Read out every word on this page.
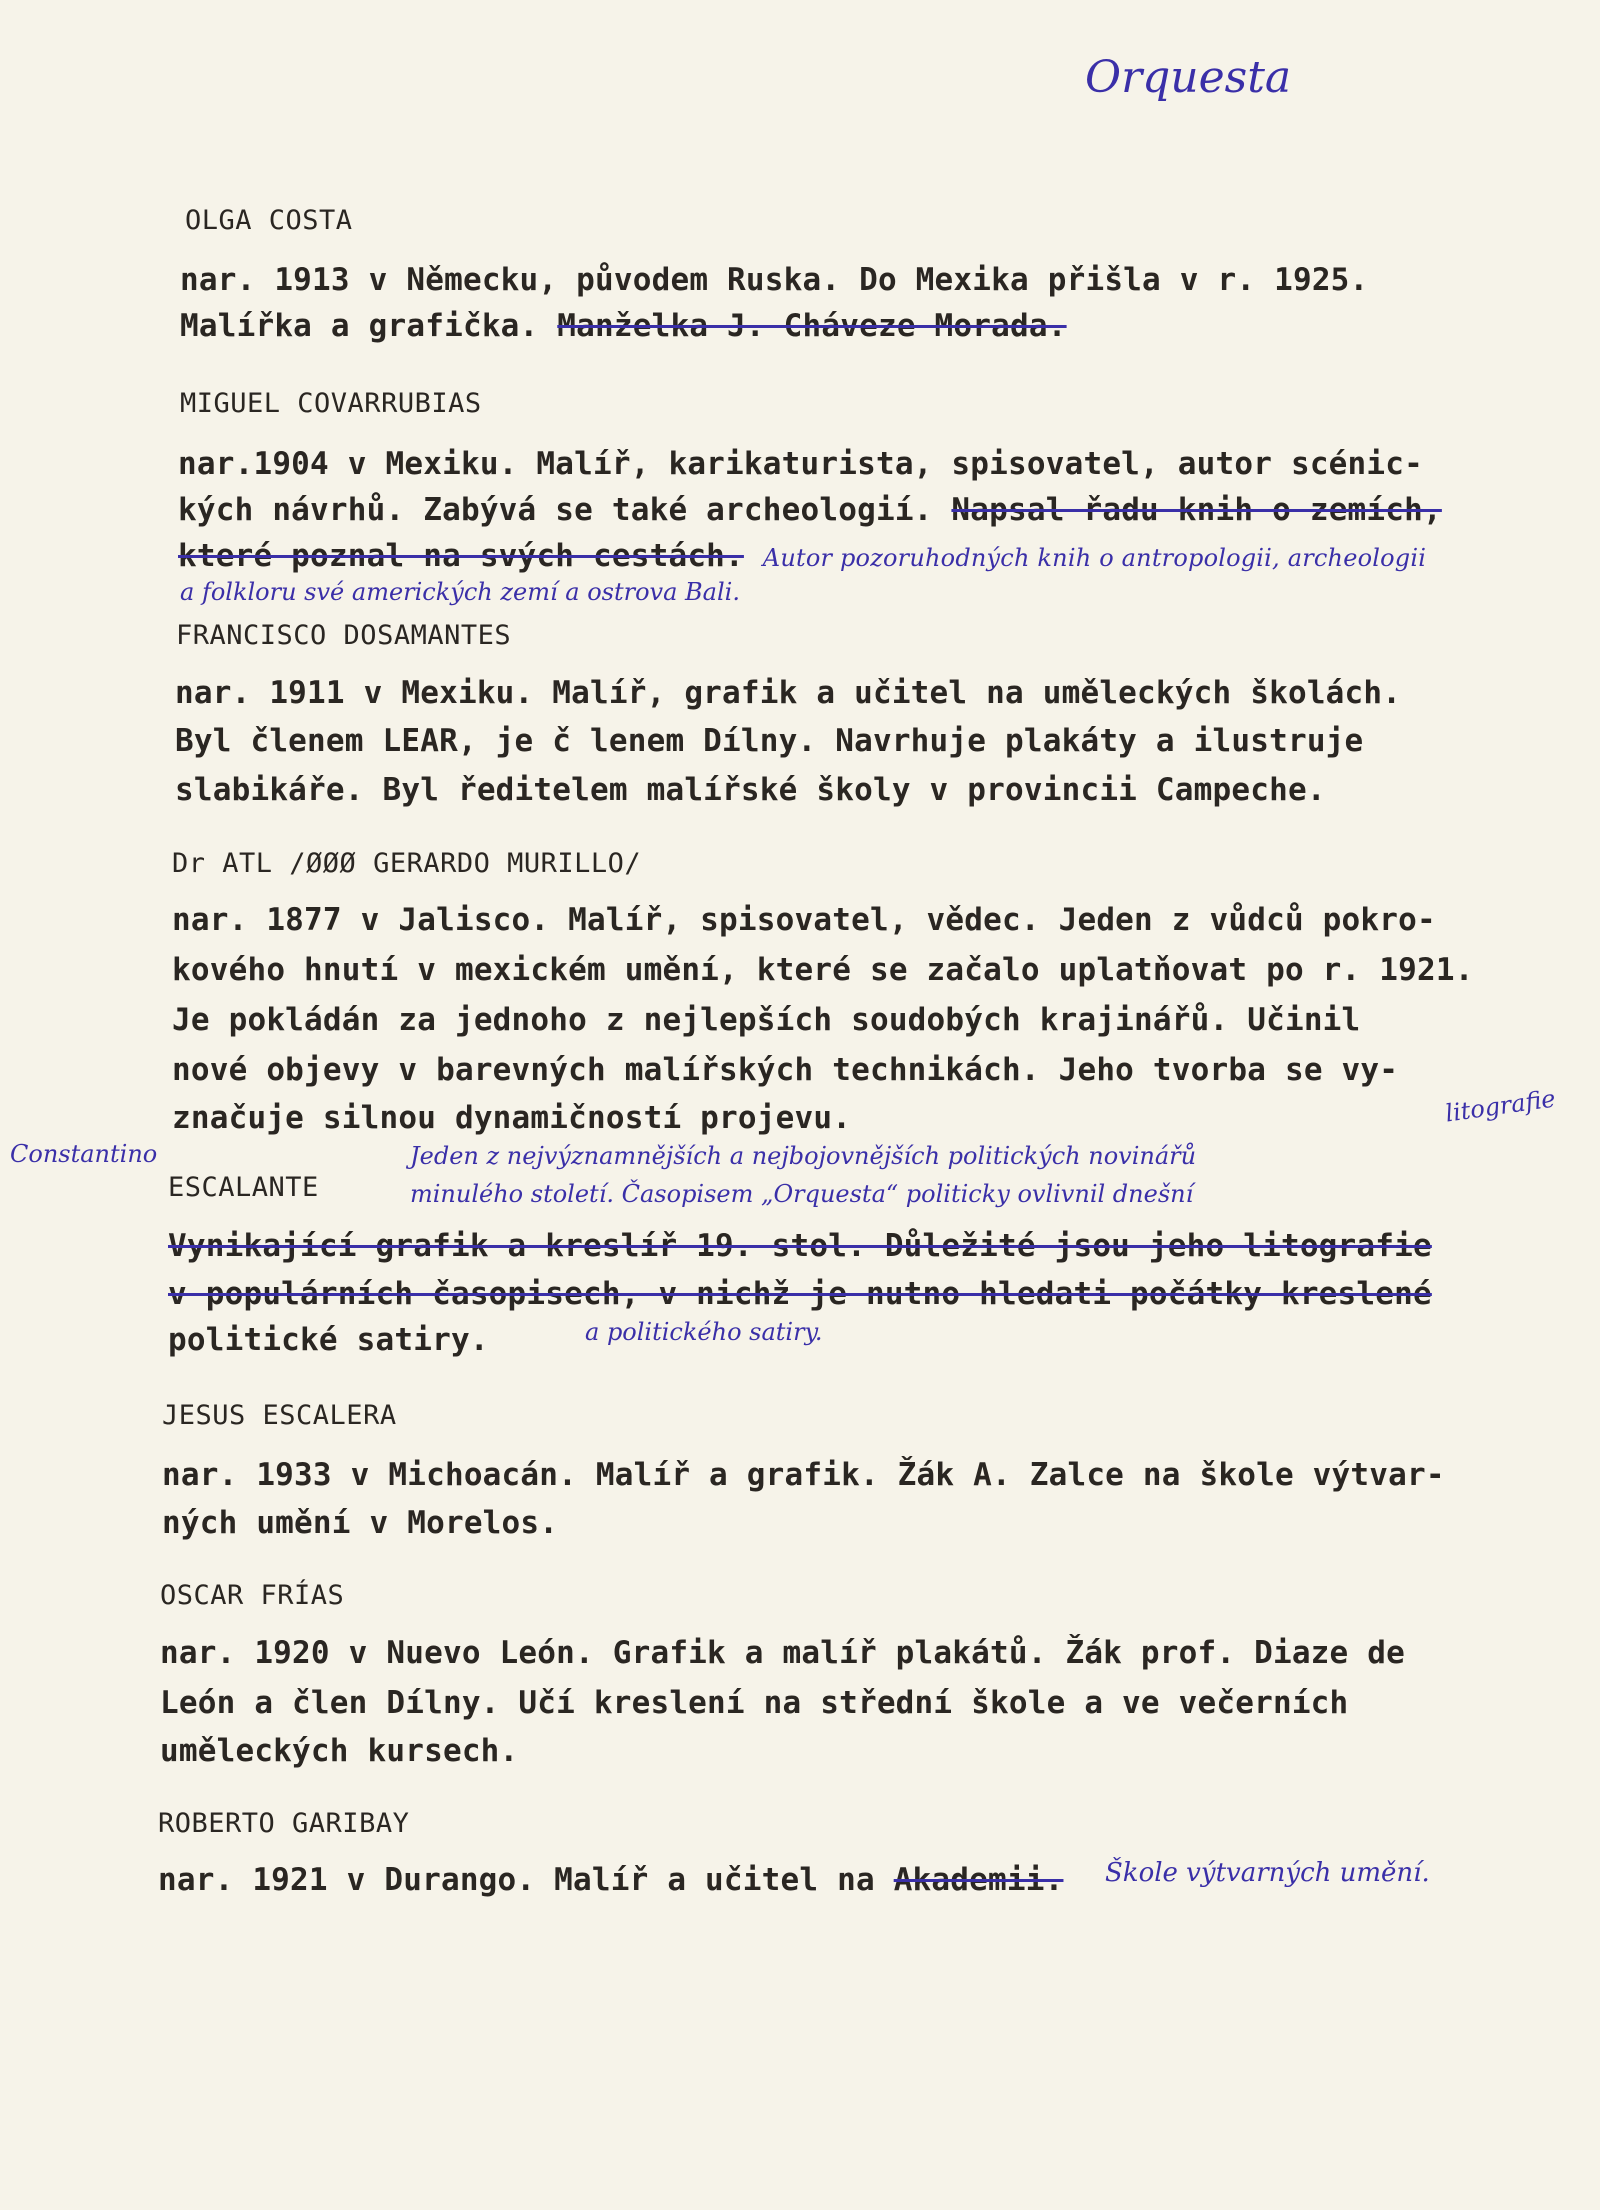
Orquesta
OLGA COSTA
nar. 1913 v Německu, původem Ruska. Do Mexika přišla v r. 1925.
Malířka a grafička. Manželka J. Cháveze Morada.
MIGUEL COVARRUBIAS
nar.1904 v Mexiku. Malíř, karikaturista, spisovatel, autor scénic-
kých návrhů. Zabývá se také archeologií. Napsal řadu knih o zemích,
které poznal na svých cestách. Autor pozoruhodných knih o antropologii, archeologii
a folkloru své amerických zemí a ostrova Bali.
FRANCISCO DOSAMANTES
nar. 1911 v Mexiku. Malíř, grafik a učitel na uměleckých školách.
Byl členem LEAR, je č lenem Dílny. Navrhuje plakáty a ilustruje
slabikáře. Byl ředitelem malířské školy v provincii Campeche.
Dr ATL /ØØØ GERARDO MURILLO/
nar. 1877 v Jalisco. Malíř, spisovatel, vědec. Jeden z vůdců pokro-
kového hnutí v mexickém umění, které se začalo uplatňovat po r. 1921.
Je pokládán za jednoho z nejlepších soudobých krajinářů. Učinil
nové objevy v barevných malířských technikách. Jeho tvorba se vy-
značuje silnou dynamičností projevu.
Constantino
litografie
Jeden z nejvýznamnějších a nejbojovnějších politických novinářů
ESCALANTE	minulého století. Časopisem „Orquesta“ politicky ovlivnil dnešní
Vynikající grafik a kreslíř 19. stol. Důležité jsou jeho litografie
v populárních časopisech, v nichž je nutno hledati počátky kreslené
politické satiry.	a politického satiry.
JESUS ESCALERA
nar. 1933 v Michoacán. Malíř a grafik. Žák A. Zalce na škole výtvar-
ných umění v Morelos.
OSCAR FRÍAS
nar. 1920 v Nuevo León. Grafik a malíř plakátů. Žák prof. Diaze de
León a člen Dílny. Učí kreslení na střední škole a ve večerních
uměleckých kursech.
ROBERTO GARIBAY
nar. 1921 v Durango. Malíř a učitel na Akademii. Škole výtvarných umění.
